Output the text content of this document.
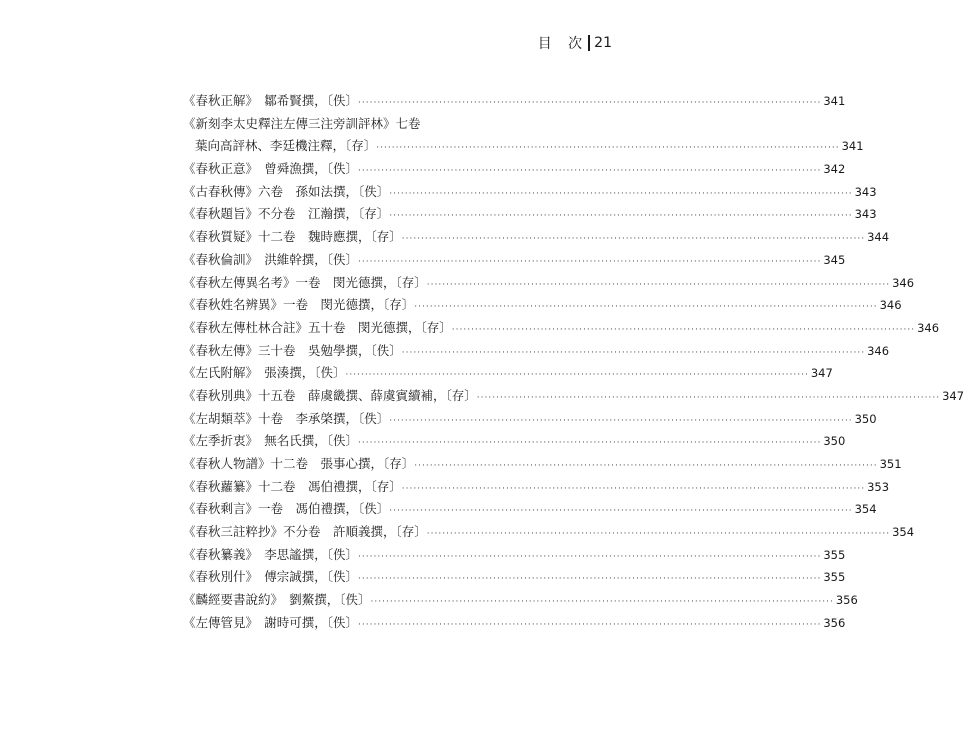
目 次 21
《春秋正解》　鄒希賢撰，〔佚〕 ························································································································ 341
《新刻李太史釋注左傳三注旁訓評林》七卷
葉向高評林、李廷機注釋，〔存〕 ························································································································ 341
《春秋正意》　曾舜漁撰，〔佚〕 ························································································································ 342
《古春秋傳》六卷　孫如法撰，〔佚〕 ························································································································ 343
《春秋題旨》不分卷　江瀚撰，〔存〕 ························································································································ 343
《春秋質疑》十二卷　魏時應撰，〔存〕 ························································································································ 344
《春秋倫訓》　洪維幹撰，〔佚〕 ························································································································ 345
《春秋左傳異名考》一卷　閔光德撰，〔存〕 ························································································································ 346
《春秋姓名辨異》一卷　閔光德撰，〔存〕 ························································································································ 346
《春秋左傳杜林合註》五十卷　閔光德撰，〔存〕 ························································································································ 346
《春秋左傳》三十卷　吳勉學撰，〔佚〕 ························································································································ 346
《左氏附解》　張湊撰，〔佚〕 ························································································································ 347
《春秋別典》十五卷　薛虞畿撰、薛虞賓續補，〔存〕 ························································································································ 347
《左胡類萃》十卷　李承棨撰，〔佚〕 ························································································································ 350
《左季折衷》　無名氏撰，〔佚〕 ························································································································ 350
《春秋人物譜》十二卷　張事心撰，〔存〕 ························································································································ 351
《春秋蘿纂》十二卷　馮伯禮撰，〔存〕 ························································································································ 353
《春秋剩言》一卷　馮伯禮撰，〔佚〕 ························································································································ 354
《春秋三註粹抄》不分卷　許順義撰，〔存〕 ························································································································ 354
《春秋纂義》　李思謐撰，〔佚〕 ························································································································ 355
《春秋別什》　傅宗誠撰，〔佚〕 ························································································································ 355
《麟經要書說約》　劉鰲撰，〔佚〕 ························································································································ 356
《左傳管見》　謝時可撰，〔佚〕 ························································································································ 356
